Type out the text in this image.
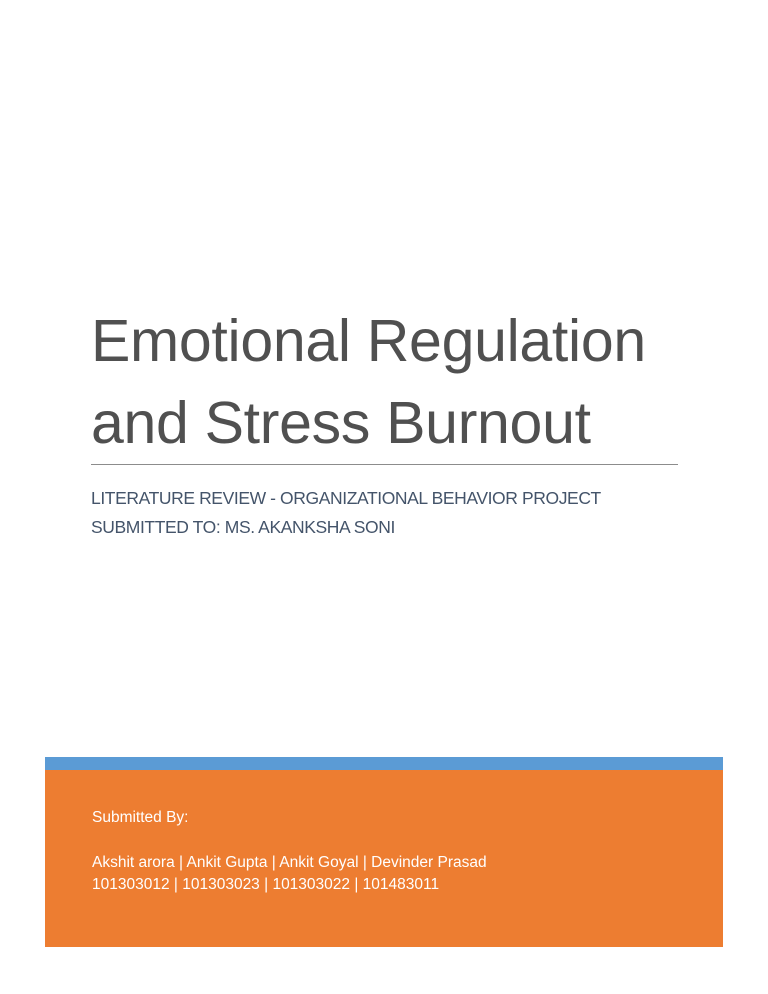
Emotional Regulation
and Stress Burnout
LITERATURE REVIEW - ORGANIZATIONAL BEHAVIOR PROJECT
SUBMITTED TO: MS. AKANKSHA SONI
Submitted By:
Akshit arora | Ankit Gupta | Ankit Goyal | Devinder Prasad
101303012 | 101303023 | 101303022 | 101483011
